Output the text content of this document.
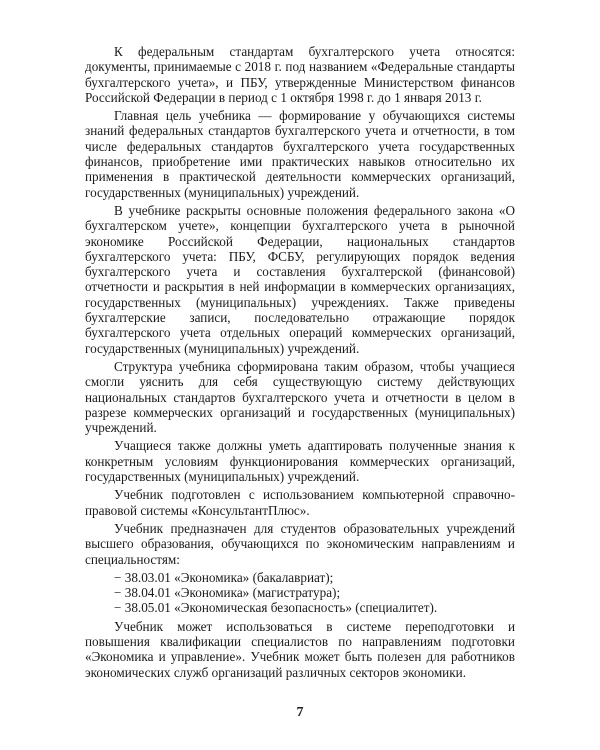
К федеральным стандартам бухгалтерского учета относятся: документы, принимаемые с 2018 г. под названием «Федеральные стандарты бухгалтерского учета», и ПБУ, утвержденные Министерством финансов Российской Федерации в период с 1 октября 1998 г. до 1 января 2013 г.

Главная цель учебника — формирование у обучающихся системы знаний федеральных стандартов бухгалтерского учета и отчетности, в том числе федеральных стандартов бухгалтерского учета государственных финансов, приобретение ими практических навыков относительно их применения в практической деятельности коммерческих организаций, государственных (муниципальных) учреждений.

В учебнике раскрыты основные положения федерального закона «О бухгалтерском учете», концепции бухгалтерского учета в рыночной экономике Российской Федерации, национальных стандартов бухгалтерского учета: ПБУ, ФСБУ, регулирующих порядок ведения бухгалтерского учета и составления бухгалтерской (финансовой) отчетности и раскрытия в ней информации в коммерческих организациях, государственных (муниципальных) учреждениях. Также приведены бухгалтерские записи, последовательно отражающие порядок бухгалтерского учета отдельных операций коммерческих организаций, государственных (муниципальных) учреждений.

Структура учебника сформирована таким образом, чтобы учащиеся смогли уяснить для себя существующую систему действующих национальных стандартов бухгалтерского учета и отчетности в целом в разрезе коммерческих организаций и государственных (муниципальных) учреждений.

Учащиеся также должны уметь адаптировать полученные знания к конкретным условиям функционирования коммерческих организаций, государственных (муниципальных) учреждений.

Учебник подготовлен с использованием компьютерной справочно-правовой системы «КонсультантПлюс».

Учебник предназначен для студентов образовательных учреждений высшего образования, обучающихся по экономическим направлениям и специальностям:

− 38.03.01 «Экономика» (бакалавриат);
− 38.04.01 «Экономика» (магистратура);
− 38.05.01 «Экономическая безопасность» (специалитет).

Учебник может использоваться в системе переподготовки и повышения квалификации специалистов по направлениям подготовки «Экономика и управление». Учебник может быть полезен для работников экономических служб организаций различных секторов экономики.

7
